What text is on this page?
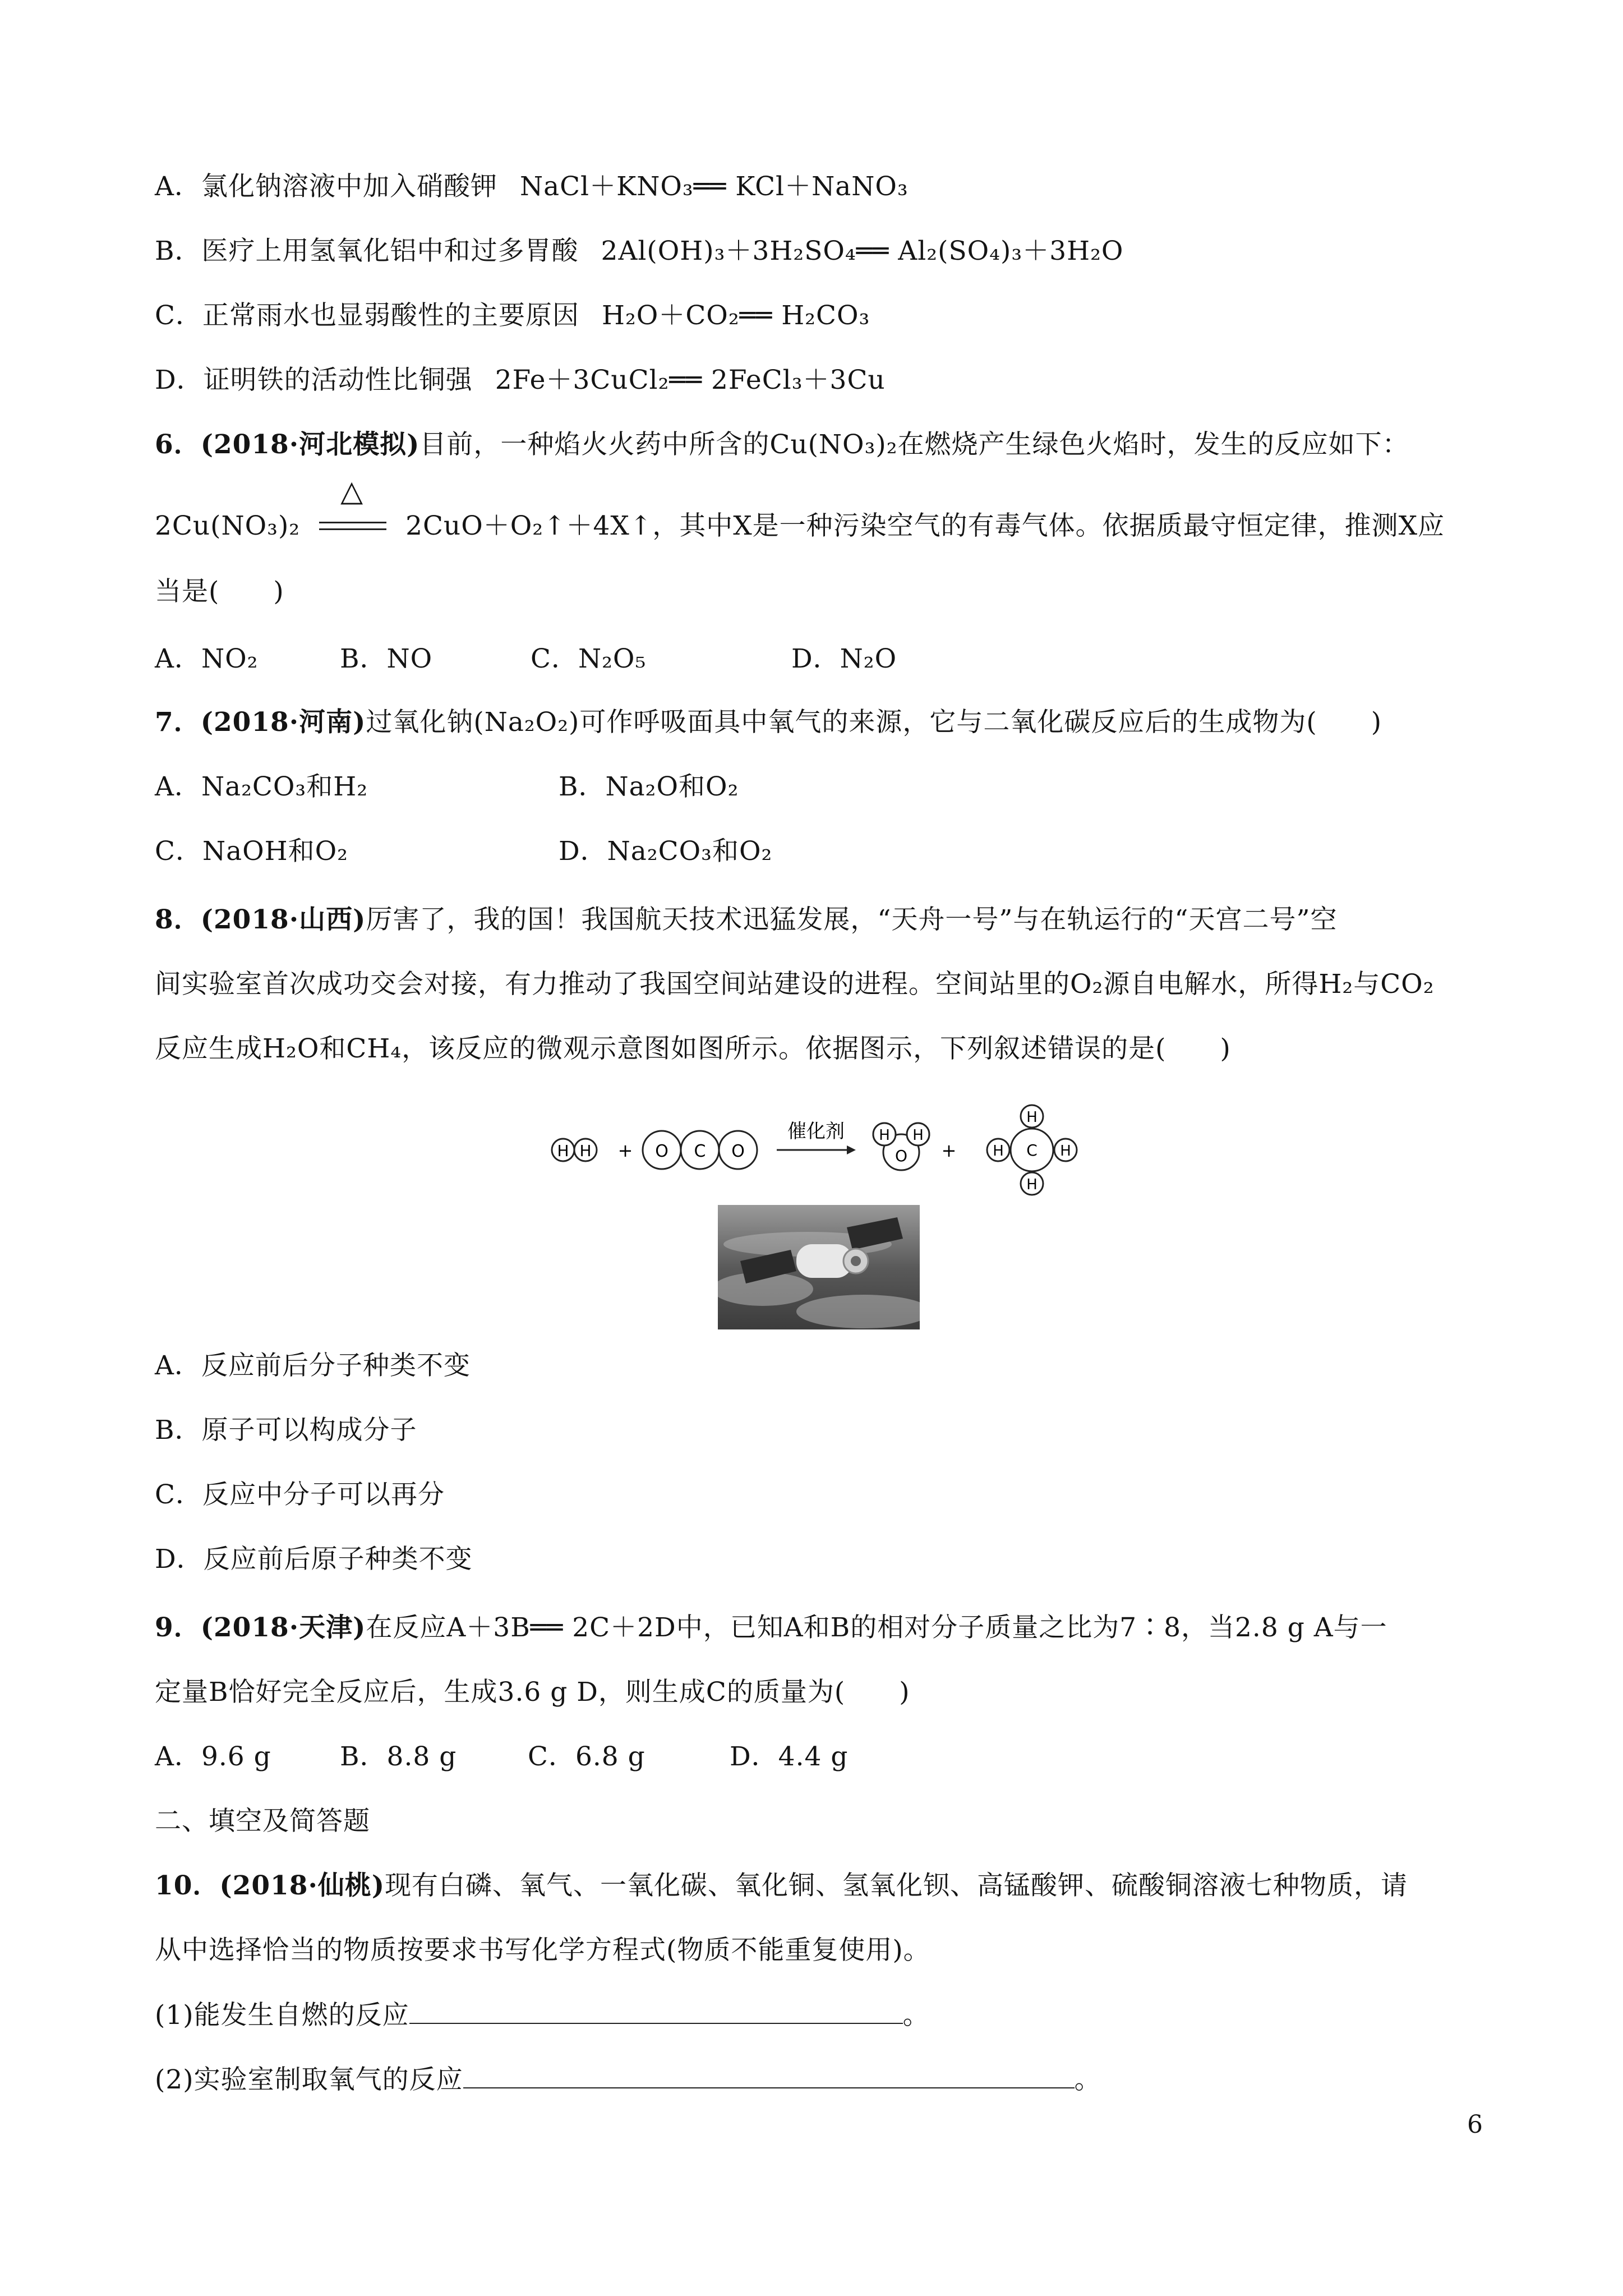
A．氯化钠溶液中加入硝酸钾 NaCl＋KNO₃══ KCl＋NaNO₃
B．医疗上用氢氧化铝中和过多胃酸 2Al(OH)₃＋3H₂SO₄══ Al₂(SO₄)₃＋3H₂O
C．正常雨水也显弱酸性的主要原因 H₂O＋CO₂══ H₂CO₃
D．证明铁的活动性比铜强 2Fe＋3CuCl₂══ 2FeCl₃＋3Cu
6．(2018·河北模拟)目前，一种焰火火药中所含的Cu(NO₃)₂在燃烧产生绿色火焰时，发生的反应如下：
2Cu(NO₃)₂
△
2CuO＋O₂↑＋4X↑，其中X是一种污染空气的有毒气体。依据质最守恒定律，推测X应
当是(　　)
A．NO₂	B．NO	C．N₂O₅	D．N₂O
7．(2018·河南)过氧化钠(Na₂O₂)可作呼吸面具中氧气的来源，它与二氧化碳反应后的生成物为(　　)
A．Na₂CO₃和H₂	B．Na₂O和O₂
C．NaOH和O₂	D．Na₂CO₃和O₂
8．(2018·山西)厉害了，我的国！我国航天技术迅猛发展，“天舟一号”与在轨运行的“天宫二号”空
间实验室首次成功交会对接，有力推动了我国空间站建设的进程。空间站里的O₂源自电解水，所得H₂与CO₂
反应生成H₂O和CH₄，该反应的微观示意图如图所示。依据图示，下列叙述错误的是(　　)
H H + O C O
催化剂 H H
O +	C
H
H
H	H
A．反应前后分子种类不变
B．原子可以构成分子
C．反应中分子可以再分
D．反应前后原子种类不变
9．(2018·天津)在反应A＋3B══ 2C＋2D中，已知A和B的相对分子质量之比为7∶8，当2.8 g A与一
定量B恰好完全反应后，生成3.6 g D，则生成C的质量为(　　)
A．9.6 g	B．8.8 g	C．6.8 g	D．4.4 g
二、填空及简答题
10．(2018·仙桃)现有白磷、氧气、一氧化碳、氧化铜、氢氧化钡、高锰酸钾、硫酸铜溶液七种物质，请
从中选择恰当的物质按要求书写化学方程式(物质不能重复使用)。
(1)能发生自燃的反应	。
(2)实验室制取氧气的反应	。
6
